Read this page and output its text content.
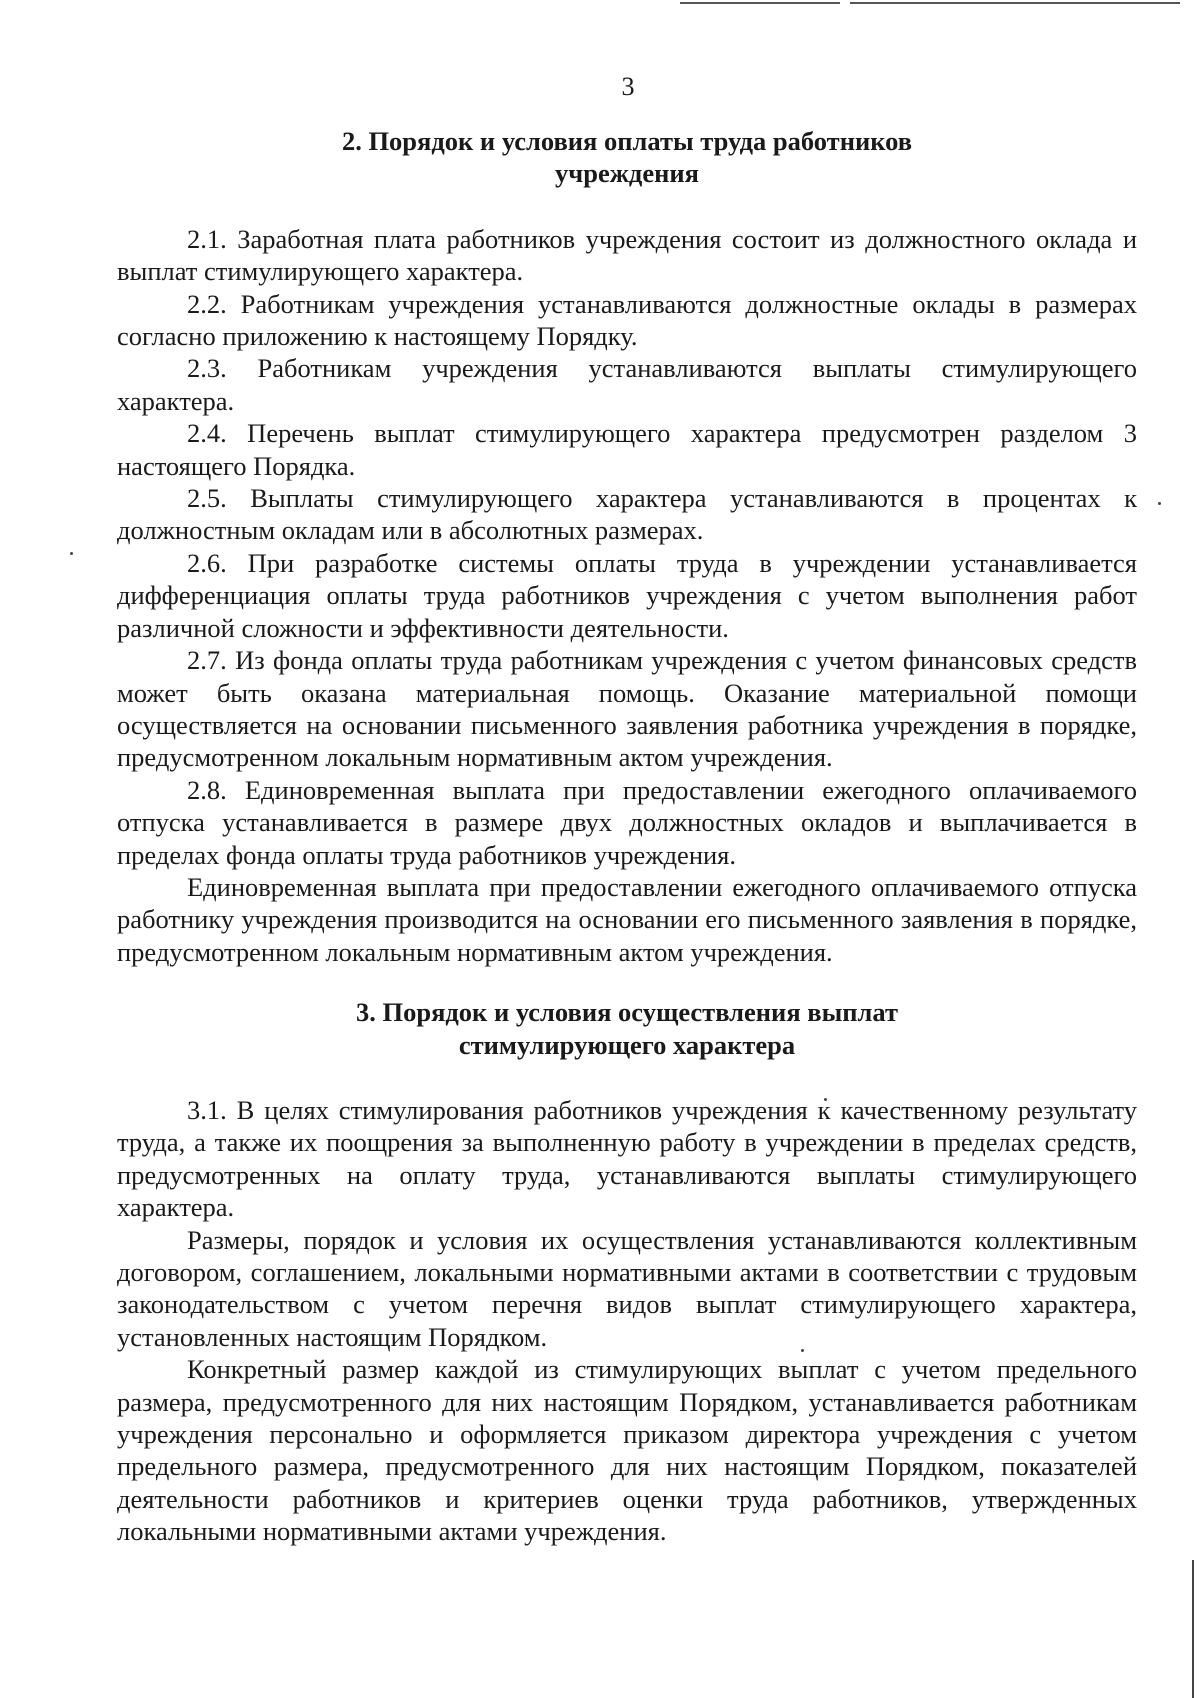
3
2. Порядок и условия оплаты труда работников
учреждения

2.1. Заработная плата работников учреждения состоит из должностного оклада и выплат стимулирующего характера.

2.2. Работникам учреждения устанавливаются должностные оклады в размерах согласно приложению к настоящему Порядку.

2.3. Работникам учреждения устанавливаются выплаты стимулирующего характера.

2.4. Перечень выплат стимулирующего характера предусмотрен разделом 3 настоящего Порядка.

2.5. Выплаты стимулирующего характера устанавливаются в процентах к должностным окладам или в абсолютных размерах.

2.6. При разработке системы оплаты труда в учреждении устанавливается дифференциация оплаты труда работников учреждения с учетом выполнения работ различной сложности и эффективности деятельности.

2.7. Из фонда оплаты труда работникам учреждения с учетом финансовых средств может быть оказана материальная помощь. Оказание материальной помощи осуществляется на основании письменного заявления работника учреждения в порядке, предусмотренном локальным нормативным актом учреждения.

2.8. Единовременная выплата при предоставлении ежегодного оплачиваемого отпуска устанавливается в размере двух должностных окладов и выплачивается в пределах фонда оплаты труда работников учреждения.

Единовременная выплата при предоставлении ежегодного оплачиваемого отпуска работнику учреждения производится на основании его письменного заявления в порядке, предусмотренном локальным нормативным актом учреждения.

3. Порядок и условия осуществления выплат
стимулирующего характера

3.1. В целях стимулирования работников учреждения к качественному результату труда, а также их поощрения за выполненную работу в учреждении в пределах средств, предусмотренных на оплату труда, устанавливаются выплаты стимулирующего характера.

Размеры, порядок и условия их осуществления устанавливаются коллективным договором, соглашением, локальными нормативными актами в соответствии с трудовым законодательством с учетом перечня видов выплат стимулирующего характера, установленных настоящим Порядком.

Конкретный размер каждой из стимулирующих выплат с учетом предельного размера, предусмотренного для них настоящим Порядком, устанавливается работникам учреждения персонально и оформляется приказом директора учреждения с учетом предельного размера, предусмотренного для них настоящим Порядком, показателей деятельности работников и критериев оценки труда работников, утвержденных локальными нормативными актами учреждения.
